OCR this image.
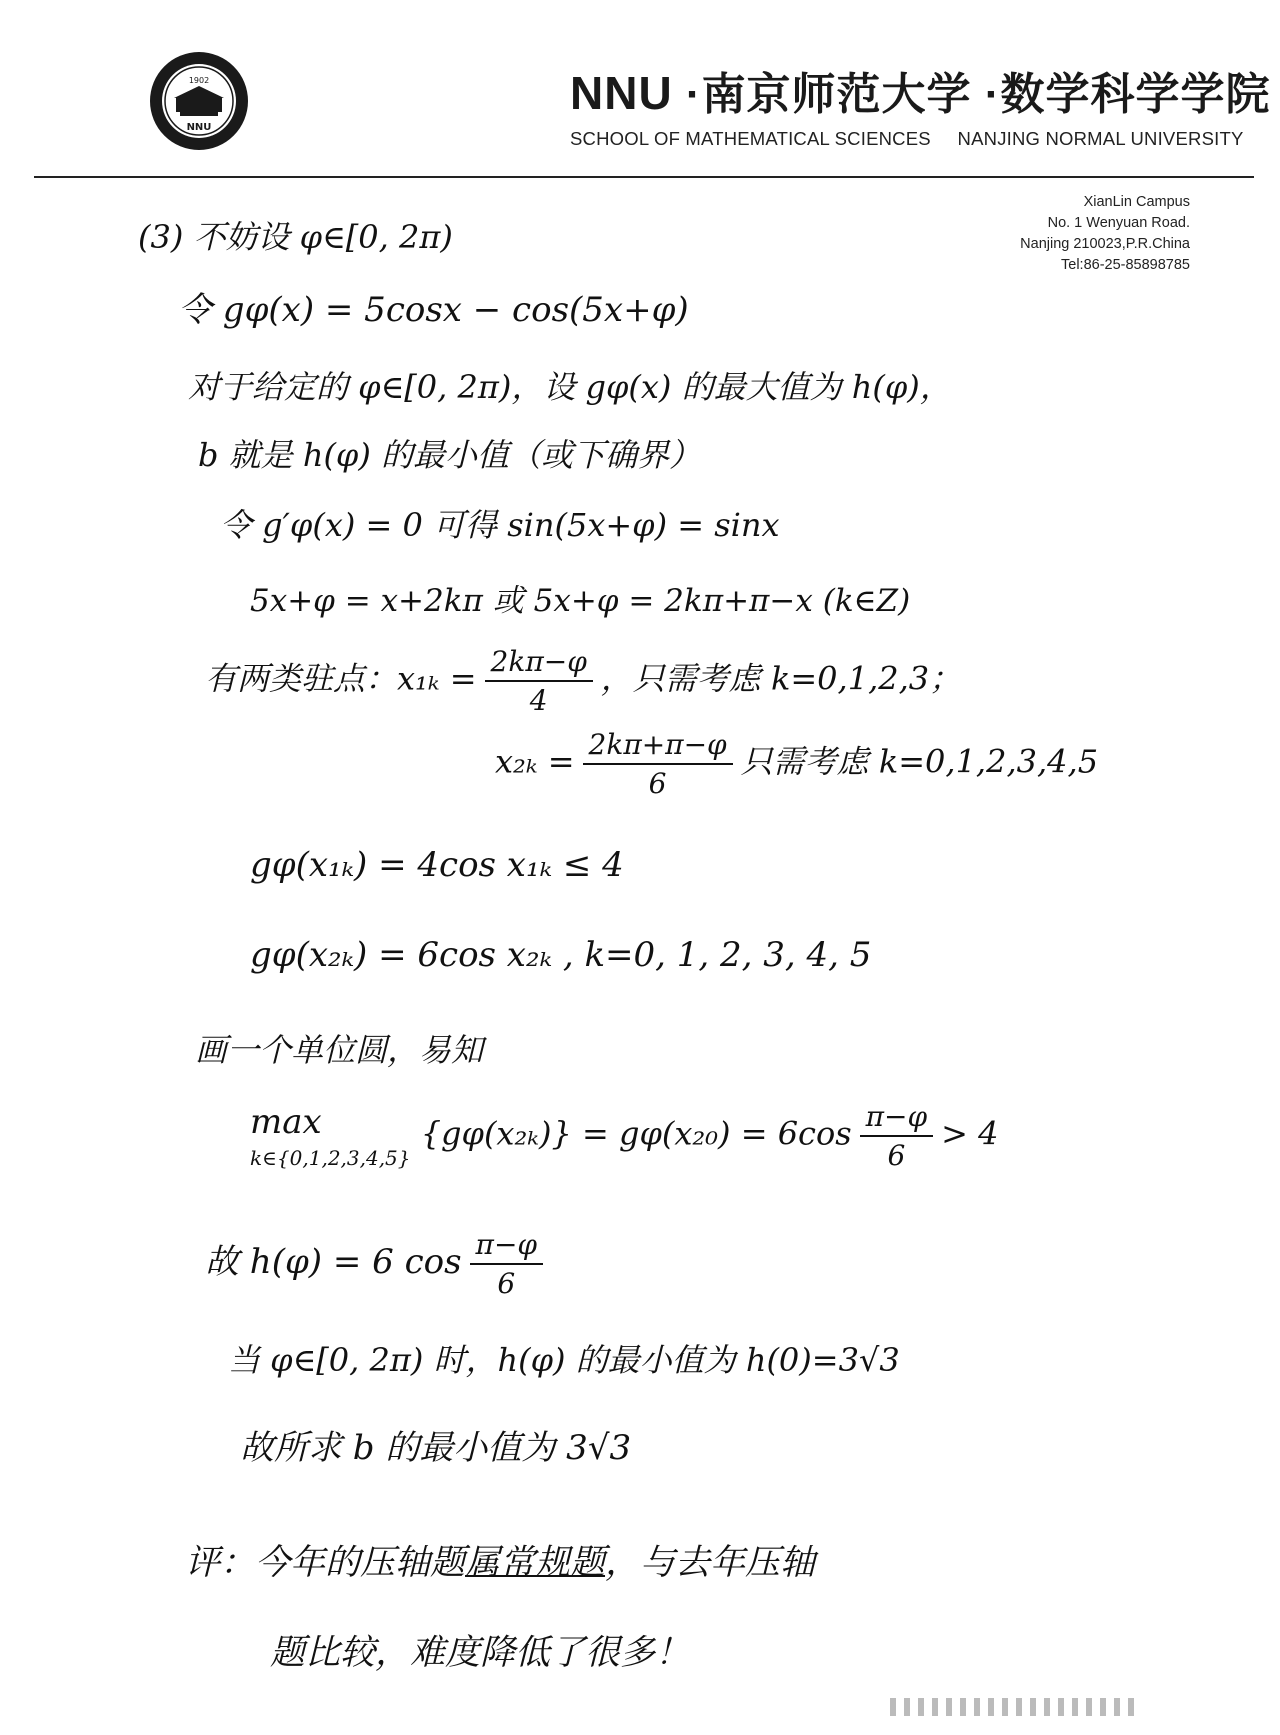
1902
NNU
NNU ·南京师范大学 ·数学科学学院
SCHOOL OF MATHEMATICAL SCIENCES NANJING NORMAL UNIVERSITY
XianLin Campus
No. 1 Wenyuan Road.
Nanjing 210023,P.R.China
Tel:86-25-85898785
(3) 不妨设 φ∈[0, 2π)
令 gφ(x) = 5cosx − cos(5x+φ)
对于给定的 φ∈[0, 2π)，设 gφ(x) 的最大值为 h(φ)，
b 就是 h(φ) 的最小值（或下确界）
令 g′φ(x) = 0 可得 sin(5x+φ) = sinx
5x+φ = x+2kπ 或 5x+φ = 2kπ+π−x (k∈Z)
有两类驻点：$x_{1k} = \frac{2k\pi-\varphi}{4}$ ，只需考虑 k=0,1,2,3；
$x_{2k} = \frac{2k\pi+\pi-\varphi}{6}$ 只需考虑 k=0,1,2,3,4,5
gφ(x₁ₖ) = 4cos x₁ₖ ≤ 4
gφ(x₂ₖ) = 6cos x₂ₖ , k=0, 1, 2, 3, 4, 5
画一个单位圆，易知
max
k∈{0,1,2,3,4,5}
$\{g\varphi(x_{2k})\} = g\varphi(x_{20}) = 6\cos \frac{\pi-\varphi}{6} > 4$
故 h(φ) = 6 $\cos \frac{\pi-\varphi}{6}$
当 φ∈[0, 2π) 时，h(φ) 的最小值为 h(0)=3√3
故所求 b 的最小值为 3√3
评：今年的压轴题属常规题，与去年压轴
题比较，难度降低了很多！
